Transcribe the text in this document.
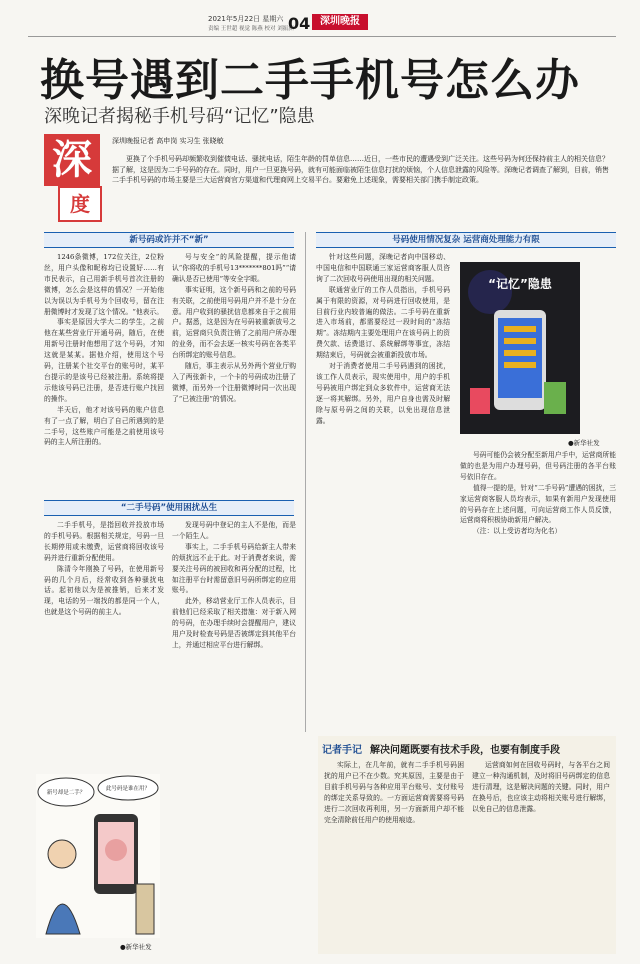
2021年5月22日 星期六
责编 王世超 视觉 陈燕 校对 刘振洲
04 深圳晚报
换号遇到二手手机号怎么办
深晚记者揭秘手机号码“记忆”隐患
深
度
深圳晚报记者 高申岗 实习生 张晓敏
更换了个手机号码却频繁收到催债电话、骚扰电话，陌生年龄的罚单信息……近日，一些市民的遭遇受到广泛关注。这些号码为何还保持前主人的相关信息？据了解，这是因为二手号码的存在。同时，用户一旦更换号码，就有可能面临被陌生信息打扰的烦恼，个人信息泄露的风险等。深晚记者调查了解到，目前，销售二手手机号码的市场主要是三大运营商官方渠道和代理商网上交易平台。要避免上述现象，需要相关部门携手制定政策。
新号码或许并不“新”	号码使用情况复杂 运营商处理能力有限
“二手号码”使用困扰丛生

1246条微博，172位关注，2位粉丝，用户头像和昵称均已设置好……有市民表示，自己用新手机号首次注册的微博，怎么会是这样的情况？一开始他以为误以为手机号为个回收号，留在注册微博时才发现了这个情况。“他表示。

事实是原因大学大二的学生，之前他在某些营业厅开通号码，随后，在使用新号注册时他想用了这个号码，才知这就是某某。据他介绍，使用这个号码，注册某个社交平台的账号时，某平台提示的是该号已经被注册。系统将提示他该号码已注册，是否进行账户找回的操作。

半天后，他才对该号码的账户信息有了一点了解，明白了自己所遇到的是二手号，这些账户可能是之前使用该号码的主人所注册的。

号与安全”的风险提醒，提示他请认“你将收的手机号13*******801吗”“请确认是否已使用”等安全字眼。

事实证明，这个新号码和之前的号码有关联，之前使用号码用户并不是十分在意。用户收到的骚扰信息都来自于之前用户。据悉，这是因为在号码被重新放号之前，运营商只负责注销了之前用户所办理的业务，而不会去逐一核实号码在各类平台所绑定的账号信息。

随后，事主表示从另外两个营业厅购入了两张新卡，一个卡的号码成功注册了微博，而另外一个注册微博时同一次出现了“已被注册”的情况。

针对这些问题，深晚记者向中国移动、中国电信和中国联通三家运营商客服人员咨询了二次回收号码使用出现的相关问题。

联通营业厅的工作人员指出，手机号码属于有限的资源，对号码进行回收使用，是目前行业内较普遍的做法。二手号码在重新进入市场前，都需要经过一段时间的“冻结期”。冻结期内主要处理用户在该号码上的资费欠款、话费退订、系统解绑等事宜，冻结期结束后，号码就会被重新投放市场。

对于消费者使用二手号码遇到的困扰，该工作人员表示，现实使用中，用户的手机号码被用户绑定到众多软件中，运营商无法逐一将其解绑。另外，用户自身也需及时解除与原号码之间的关联，以免出现信息泄露。

号码可能仍会被分配至新用户手中，运营商所能做的也是为用户办理号码，但号码注册的各平台账号依旧存在。

值得一提的是，针对“二手号码”遭遇的困扰，三家运营商客服人员均表示，如果有新用户发现使用的号码存在上述问题，可向运营商工作人员反馈，运营商将积极协助新用户解决。

（注：以上受访者均为化名）

“记忆”隐患
●新华社发

二手手机号，是指回收并投放市场的手机号码。根据相关规定，号码一旦长期停用或未缴费，运营商将回收该号码并进行重新分配使用。

陈清今年刚换了号码，在使用新号码的几个月后，经常收到各种骚扰电话。起初他以为是被推销，后来才发现，电话的另一端找的都是同一个人，也就是这个号码的前主人。

发现号码中登记的主人不是他，而是一个陌生人。

事实上，二手手机号码给新主人带来的烦扰远不止于此。对于消费者来说，需要关注号码的被回收和再分配的过程，比如注册平台时需留意旧号码所绑定的应用账号。

此外，移动营业厅工作人员表示，目前他们已经采取了相关措施：对于新入网的号码，在办理手续时会提醒用户，建议用户及时检查号码是否被绑定到其他平台上，并通过相应平台进行解绑。

新号却是二手？
此号码是谁在用？
●新华社发
记者手记 解决问题既要有技术手段，也要有制度手段

实际上，在几年前，就有二手手机号码困扰的用户已不在少数。究其原因，主要是由于目前手机号码与各种应用平台账号、支付账号的绑定关系导致的。一方面运营商需要将号码进行二次回收再利用，另一方面新用户却不能完全清除前任用户的使用痕迹。

运营商如何在回收号码时，与各平台之间建立一种沟通机制，及时将旧号码绑定的信息进行清理，这是解决问题的关键。同时，用户在换号后，也应该主动将相关账号进行解绑，以免自己的信息泄露。
